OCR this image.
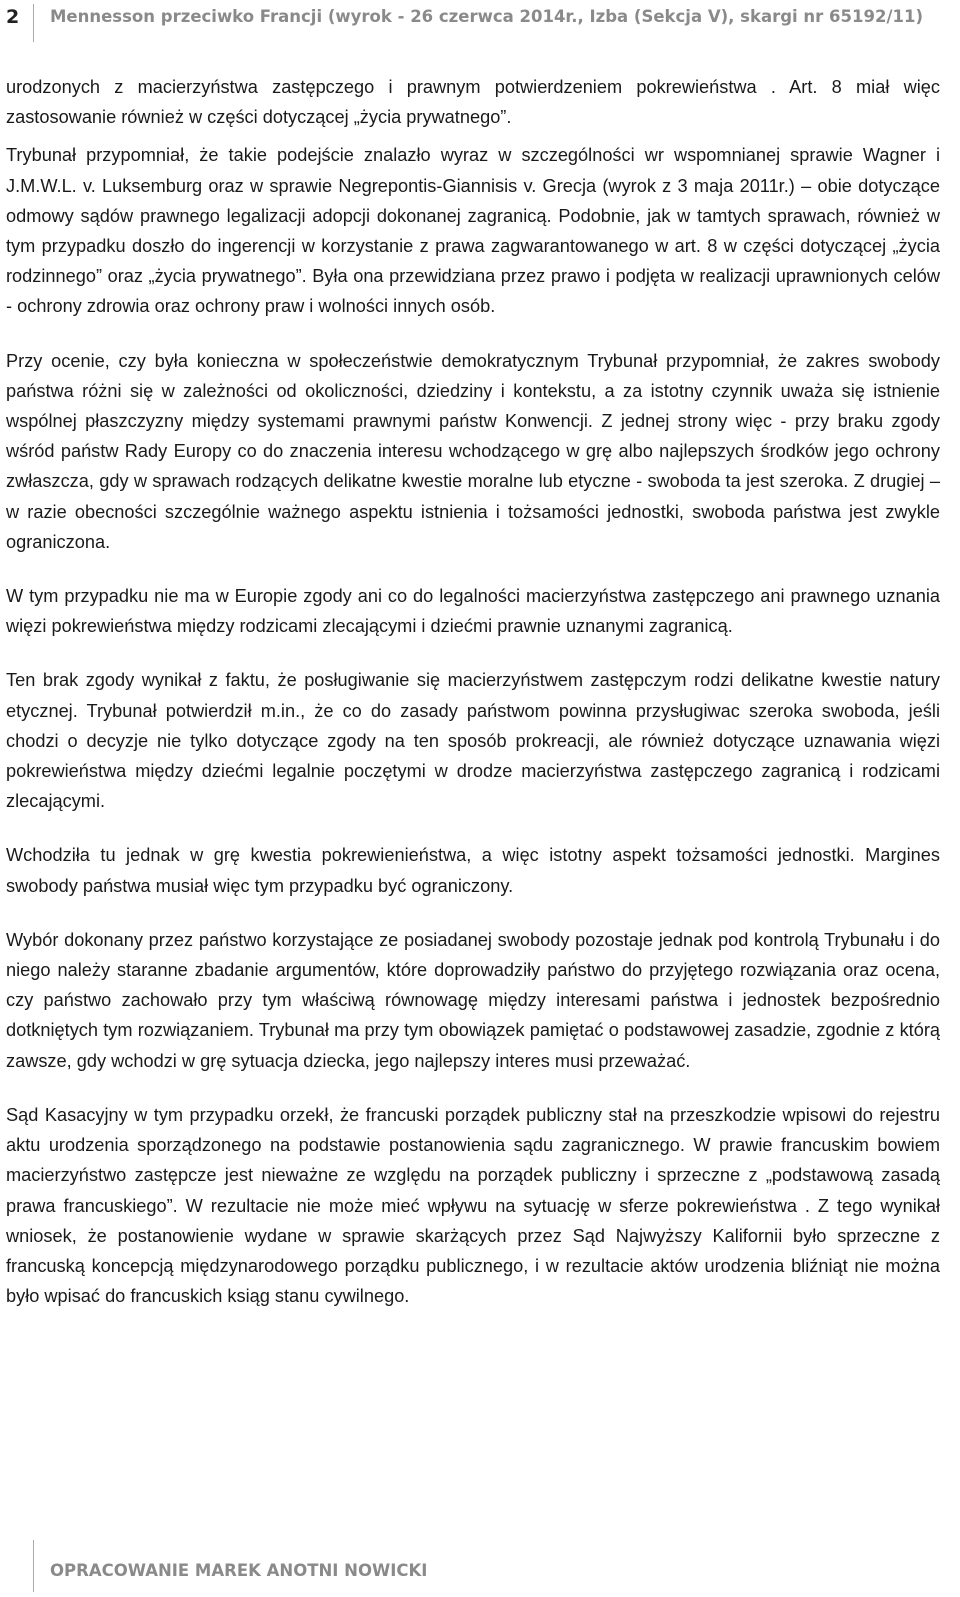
2 Mennesson przeciwko Francji (wyrok - 26 czerwca 2014r., Izba (Sekcja V), skargi nr 65192/11)

urodzonych z macierzyństwa zastępczego i prawnym potwierdzeniem pokrewieństwa . Art. 8 miał więc zastosowanie również w części dotyczącej „życia prywatnego”.

Trybunał przypomniał, że takie podejście znalazło wyraz w szczególności wr wspomnianej sprawie Wagner i J.M.W.L. v. Luksemburg oraz w sprawie Negrepontis-Giannisis v. Grecja (wyrok z 3 maja 2011r.) – obie dotyczące odmowy sądów prawnego legalizacji adopcji dokonanej zagranicą. Podobnie, jak w tamtych sprawach, również w tym przypadku doszło do ingerencji w korzystanie z prawa zagwarantowanego w art. 8 w części dotyczącej „życia rodzinnego” oraz „życia prywatnego”. Była ona przewidziana przez prawo i podjęta w realizacji uprawnionych celów - ochrony zdrowia oraz ochrony praw i wolności innych osób.

Przy ocenie, czy była konieczna w społeczeństwie demokratycznym Trybunał przypomniał, że zakres swobody państwa różni się w zależności od okoliczności, dziedziny i kontekstu, a za istotny czynnik uważa się istnienie wspólnej płaszczyzny między systemami prawnymi państw Konwencji. Z jednej strony więc - przy braku zgody wśród państw Rady Europy co do znaczenia interesu wchodzącego w grę albo najlepszych środków jego ochrony zwłaszcza, gdy w sprawach rodzących delikatne kwestie moralne lub etyczne - swoboda ta jest szeroka. Z drugiej – w razie obecności szczególnie ważnego aspektu istnienia i tożsamości jednostki, swoboda państwa jest zwykle ograniczona.

W tym przypadku nie ma w Europie zgody ani co do legalności macierzyństwa zastępczego ani prawnego uznania więzi pokrewieństwa między rodzicami zlecającymi i dziećmi prawnie uznanymi zagranicą.

Ten brak zgody wynikał z faktu, że posługiwanie się macierzyństwem zastępczym rodzi delikatne kwestie natury etycznej. Trybunał potwierdził m.in., że co do zasady państwom powinna przysługiwac szeroka swoboda, jeśli chodzi o decyzje nie tylko dotyczące zgody na ten sposób prokreacji, ale również dotyczące uznawania więzi pokrewieństwa między dziećmi legalnie poczętymi w drodze macierzyństwa zastępczego zagranicą i rodzicami zlecającymi.

Wchodziła tu jednak w grę kwestia pokrewienieństwa, a więc istotny aspekt tożsamości jednostki. Margines swobody państwa musiał więc tym przypadku być ograniczony.

Wybór dokonany przez państwo korzystające ze posiadanej swobody pozostaje jednak pod kontrolą Trybunału i do niego należy staranne zbadanie argumentów, które doprowadziły państwo do przyjętego rozwiązania oraz ocena, czy państwo zachowało przy tym właściwą równowagę między interesami państwa i jednostek bezpośrednio dotkniętych tym rozwiązaniem. Trybunał ma przy tym obowiązek pamiętać o podstawowej zasadzie, zgodnie z którą zawsze, gdy wchodzi w grę sytuacja dziecka, jego najlepszy interes musi przeważać.

Sąd Kasacyjny w tym przypadku orzekł, że francuski porządek publiczny stał na przeszkodzie wpisowi do rejestru aktu urodzenia sporządzonego na podstawie postanowienia sądu zagranicznego. W prawie francuskim bowiem macierzyństwo zastępcze jest nieważne ze względu na porządek publiczny i sprzeczne z „podstawową zasadą prawa francuskiego”. W rezultacie nie może mieć wpływu na sytuację w sferze pokrewieństwa . Z tego wynikał wniosek, że postanowienie wydane w sprawie skarżących przez Sąd Najwyższy Kalifornii było sprzeczne z francuską koncepcją międzynarodowego porządku publicznego, i w rezultacie aktów urodzenia bliźniąt nie można było wpisać do francuskich ksiąg stanu cywilnego.

OPRACOWANIE MAREK ANOTNI NOWICKI
